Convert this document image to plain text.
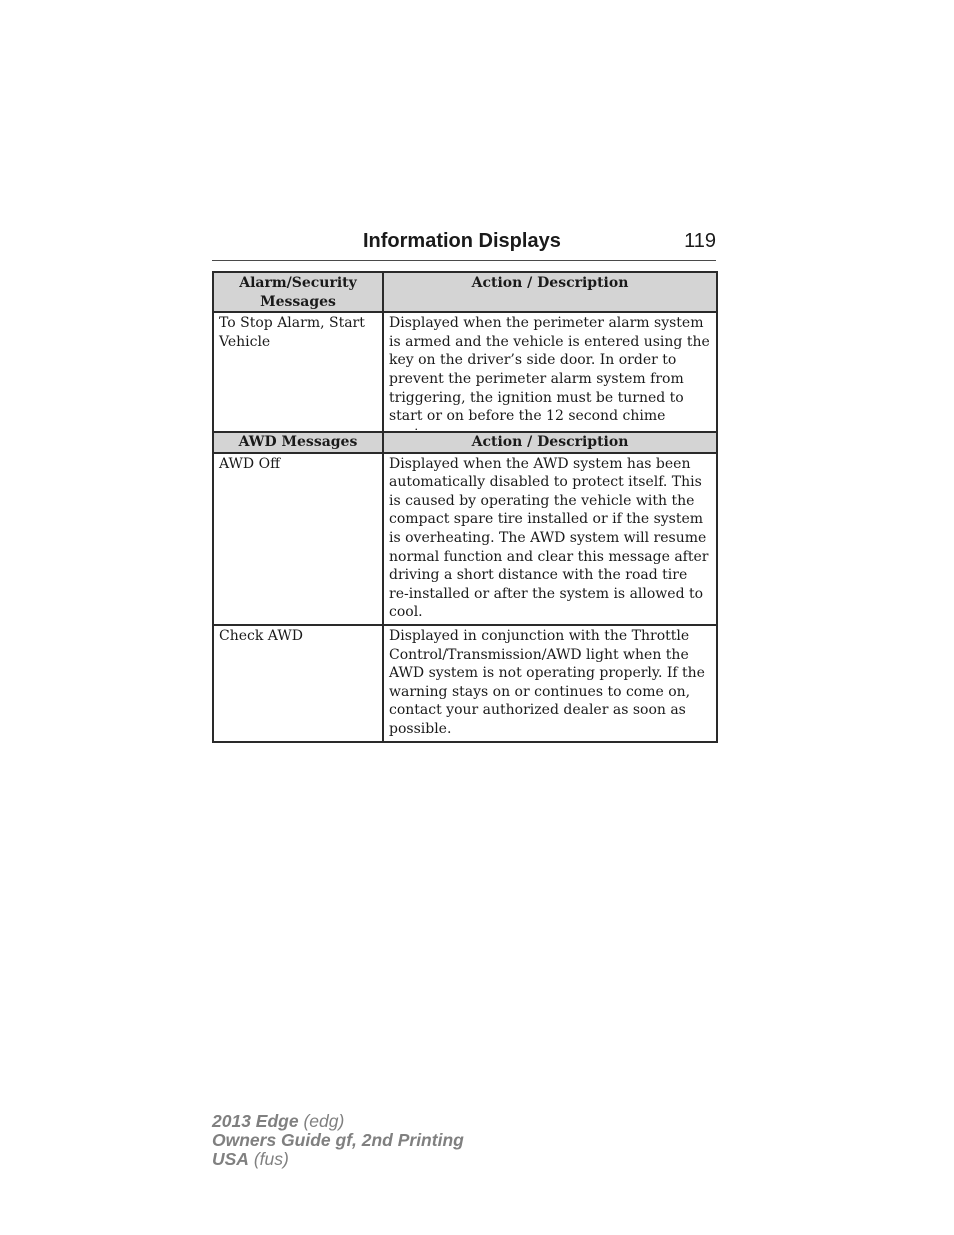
Information Displays	119
Alarm/Security Messages	Action / Description
To Stop Alarm, Start Vehicle	Displayed when the perimeter alarm system is armed and the vehicle is entered using the key on the driver’s side door. In order to prevent the perimeter alarm system from triggering, the ignition must be turned to start or on before the 12 second chime
AWD Messages	Action / Description
AWD Off	Displayed when the AWD system has been automatically disabled to protect itself. This is caused by operating the vehicle with the compact spare tire installed or if the system is overheating. The AWD system will resume normal function and clear this message after driving a short distance with the road tire re-installed or after the system is allowed to cool.
Check AWD	Displayed in conjunction with the Throttle Control/Transmission/AWD light when the AWD system is not operating properly. If the warning stays on or continues to come on, contact your authorized dealer as soon as possible.
2013 Edge (edg)
Owners Guide gf, 2nd Printing
USA (fus)
